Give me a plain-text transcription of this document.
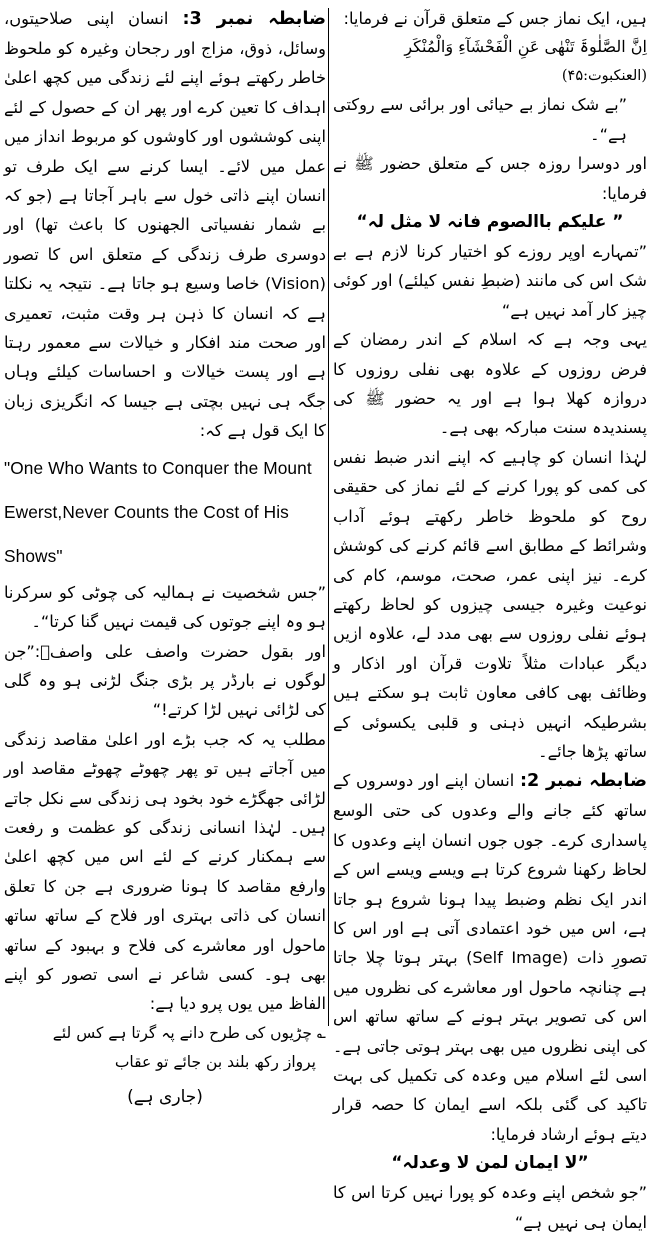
ہیں، ایک نماز جس کے متعلق قرآن نے فرمایا:

اِنَّ الصَّلٰوۃَ تَنْھٰی عَنِ الْفَحْشَآءِ وَالْمُنْکَرِ (العنکبوت:۴۵)

”بے شک نماز بے حیائی اور برائی سے روکتی ہے“۔

اور دوسرا روزہ جس کے متعلق حضور ﷺ نے فرمایا:

” علیکم باالصوم فانہ لا مثل لہ“

”تمہارے اوپر روزے کو اختیار کرنا لازم ہے بے شک اس کی مانند (ضبطِ نفس کیلئے) اور کوئی چیز کار آمد نہیں ہے“

یہی وجہ ہے کہ اسلام کے اندر رمضان کے فرض روزوں کے علاوہ بھی نفلی روزوں کا دروازہ کھلا ہوا ہے اور یہ حضور ﷺ کی پسندیدہ سنت مبارکہ بھی ہے۔

لہٰذا انسان کو چاہیے کہ اپنے اندر ضبط نفس کی کمی کو پورا کرنے کے لئے نماز کی حقیقی روح کو ملحوظ خاطر رکھتے ہوئے آداب وشرائط کے مطابق اسے قائم کرنے کی کوشش کرے۔ نیز اپنی عمر، صحت، موسم، کام کی نوعیت وغیرہ جیسی چیزوں کو لحاظ رکھتے ہوئے نفلی روزوں سے بھی مدد لے، علاوہ ازیں دیگر عبادات مثلاً تلاوت قرآن اور اذکار و وظائف بھی کافی معاون ثابت ہو سکتے ہیں بشرطیکہ انہیں ذہنی و قلبی یکسوئی کے ساتھ پڑھا جائے۔

ضابطہ نمبر 2: انسان اپنے اور دوسروں کے ساتھ کئے جانے والے وعدوں کی حتی الوسع پاسداری کرے۔ جوں جوں انسان اپنے وعدوں کا لحاظ رکھنا شروع کرتا ہے ویسے ویسے اس کے اندر ایک نظم وضبط پیدا ہونا شروع ہو جاتا ہے، اس میں خود اعتمادی آتی ہے اور اس کا تصورِ ذات (Self Image) بہتر ہوتا چلا جاتا ہے چنانچہ ماحول اور معاشرے کی نظروں میں اس کی تصویر بہتر ہونے کے ساتھ ساتھ اس کی اپنی نظروں میں بھی بہتر ہوتی جاتی ہے۔ اسی لئے اسلام میں وعدہ کی تکمیل کی بہت تاکید کی گئی بلکہ اسے ایمان کا حصہ قرار دیتے ہوئے ارشاد فرمایا:

”لا ایمان لمن لا وعدلہ“

”جو شخص اپنے وعدہ کو پورا نہیں کرتا اس کا ایمان ہی نہیں ہے“

ضابطہ نمبر 3: انسان اپنی صلاحیتوں، وسائل، ذوق، مزاج اور رجحان وغیرہ کو ملحوظ خاطر رکھتے ہوئے اپنے لئے زندگی میں کچھ اعلیٰ اہداف کا تعین کرے اور پھر ان کے حصول کے لئے اپنی کوششوں اور کاوشوں کو مربوط انداز میں عمل میں لائے۔ ایسا کرنے سے ایک طرف تو انسان اپنے ذاتی خول سے باہر آجاتا ہے (جو کہ بے شمار نفسیاتی الجھنوں کا باعث تھا) اور دوسری طرف زندگی کے متعلق اس کا تصور (Vision) خاصا وسیع ہو جاتا ہے۔ نتیجہ یہ نکلتا ہے کہ انسان کا ذہن ہر وقت مثبت، تعمیری اور صحت مند افکار و خیالات سے معمور رہتا ہے اور پست خیالات و احساسات کیلئے وہاں جگہ ہی نہیں بچتی ہے جیسا کہ انگریزی زبان کا ایک قول ہے کہ:

"One Who Wants to Conquer the Mount Ewerst,Never Counts the Cost of His Shows"

”جس شخصیت نے ہمالیہ کی چوٹی کو سرکرنا ہو وہ اپنے جوتوں کی قیمت نہیں گنا کرتا“۔

اور بقول حضرت واصف علی واصفؒ:”جن لوگوں نے بارڈر پر بڑی جنگ لڑنی ہو وہ گلی کی لڑائی نہیں لڑا کرتے!“

مطلب یہ کہ جب بڑے اور اعلیٰ مقاصد زندگی میں آجاتے ہیں تو پھر چھوٹے چھوٹے مقاصد اور لڑائی جھگڑے خود بخود ہی زندگی سے نکل جاتے ہیں۔ لہٰذا انسانی زندگی کو عظمت و رفعت سے ہمکنار کرنے کے لئے اس میں کچھ اعلیٰ وارفع مقاصد کا ہونا ضروری ہے جن کا تعلق انسان کی ذاتی بہتری اور فلاح کے ساتھ ساتھ ماحول اور معاشرے کی فلاح و بہبود کے ساتھ بھی ہو۔ کسی شاعر نے اسی تصور کو اپنے الفاظ میں یوں پرو دیا ہے:

؎ چڑیوں کی طرح دانے پہ گرتا ہے کس لئے
پرواز رکھ بلند بن جائے تو عقاب

(جاری ہے)
